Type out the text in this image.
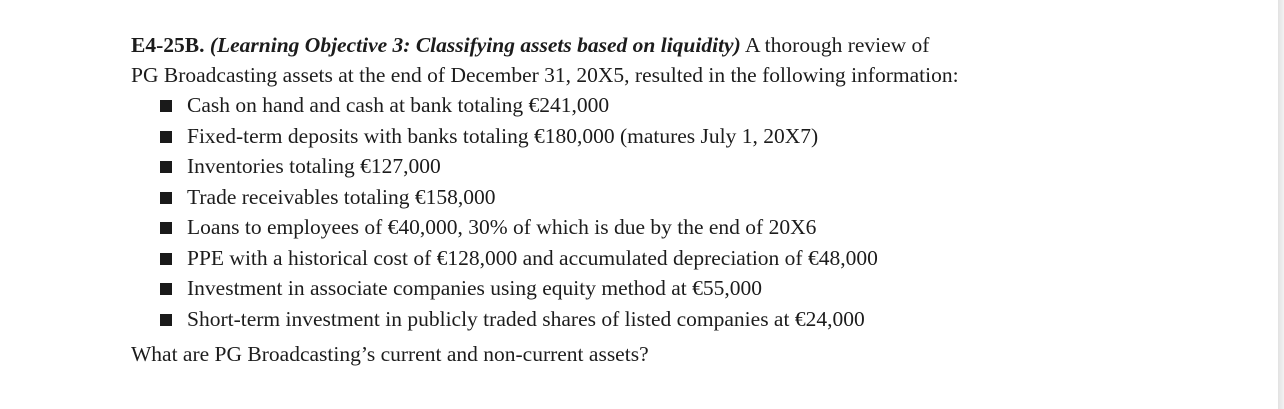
E4-25B. (Learning Objective 3: Classifying assets based on liquidity) A thorough review of
PG Broadcasting assets at the end of December 31, 20X5, resulted in the following information:
Cash on hand and cash at bank totaling €241,000
Fixed-term deposits with banks totaling €180,000 (matures July 1, 20X7)
Inventories totaling €127,000
Trade receivables totaling €158,000
Loans to employees of €40,000, 30% of which is due by the end of 20X6
PPE with a historical cost of €128,000 and accumulated depreciation of €48,000
Investment in associate companies using equity method at €55,000
Short-term investment in publicly traded shares of listed companies at €24,000
What are PG Broadcasting’s current and non-current assets?
